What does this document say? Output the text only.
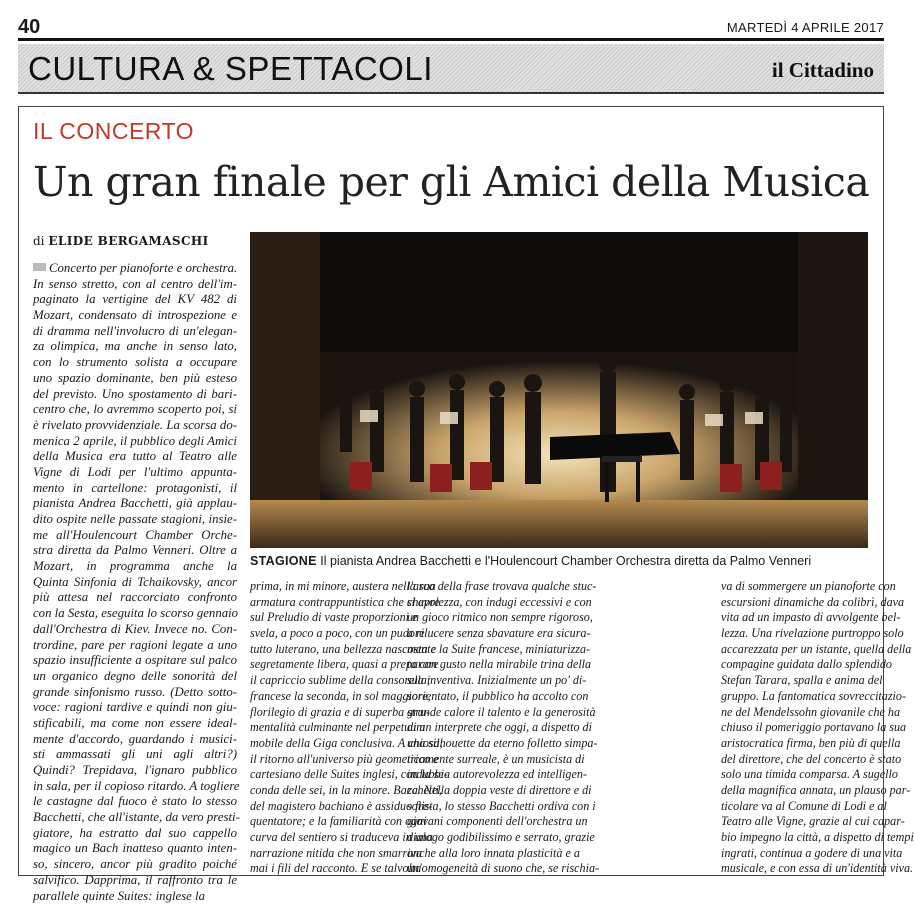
40	MARTEDÌ 4 APRILE 2017
CULTURA & SPETTACOLI	il Cittadino
IL CONCERTO
Un gran finale per gli Amici della Musica
di ELIDE BERGAMASCHI
STAGIONE Il pianista Andrea Bacchetti e l'Houlencourt Chamber Orchestra diretta da Palmo Venneri
Concerto per pianoforte e orchestra.
In senso stretto, con al centro dell'im-
paginato la vertigine del KV 482 di
Mozart, condensato di introspezione e
di dramma nell'involucro di un'elegan-
za olimpica, ma anche in senso lato,
con lo strumento solista a occupare
uno spazio dominante, ben più esteso
del previsto. Uno spostamento di bari-
centro che, lo avremmo scoperto poi, si
è rivelato provvidenziale. La scorsa do-
menica 2 aprile, il pubblico degli Amici
della Musica era tutto al Teatro alle
Vigne di Lodi per l'ultimo appunta-
mento in cartellone: protagonisti, il
pianista Andrea Bacchetti, già applau-
dito ospite nelle passate stagioni, insie-
me all'Houlencourt Chamber Orche-
stra diretta da Palmo Venneri. Oltre a
Mozart, in programma anche la
Quinta Sinfonia di Tchaikovsky, ancor
più attesa nel raccorciato confronto
con la Sesta, eseguita lo scorso gennaio
dall'Orchestra di Kiev. Invece no. Con-
trordine, pare per ragioni legate a uno
spazio insufficiente a ospitare sul palco
un organico degno delle sonorità del
grande sinfonismo russo. (Detto sotto-
voce: ragioni tardive e quindi non giu-
stificabili, ma come non essere ideal-
mente d'accordo, guardando i musici-
sti ammassati gli uni agli altri?)
Quindi? Trepidava, l'ignaro pubblico
in sala, per il copioso ritardo. A togliere
le castagne dal fuoco è stato lo stesso
Bacchetti, che all'istante, da vero presti-
giatore, ha estratto dal suo cappello
magico un Bach inatteso quanto inten-
so, sincero, ancor più gradito poiché
salvifico. Dapprima, il raffronto tra le
parallele quinte Suites: inglese la
prima, in mi minore, austera nella sua
armatura contrappuntistica che si apre
sul Preludio di vaste proporzioni e
svela, a poco a poco, con un pudore
tutto luterano, una bellezza nascosta e
segretamente libera, quasi a preparare
il capriccio sublime della consorella;
francese la seconda, in sol maggiore,
florilegio di grazia e di superba stru-
mentalità culminante nel perpetuum
mobile della Giga conclusiva. A chiosa,
il ritorno all'universo più geometrico e
cartesiano delle Suites inglesi, con la se-
conda delle sei, in la minore. Bacchetti,
del magistero bachiano è assiduo fre-
quentatore; e la familiarità con ogni
curva del sentiero si traduceva in una
narrazione nitida che non smarriva
mai i fili del racconto. E se talvolta
l'arco della frase trovava qualche stuc-
chevolezza, con indugi eccessivi e con
un gioco ritmico non sempre rigoroso,
a rilucere senza sbavature era sicura-
mente la Suite francese, miniaturizza-
ta con gusto nella mirabile trina della
sua inventiva. Inizialmente un po' di-
sorientato, il pubblico ha accolto con
grande calore il talento e la generosità
di un interprete che oggi, a dispetto di
una silhouette da eterno folletto simpa-
ticamente surreale, è un musicista di
indubbia autorevolezza ed intelligen-
za. Nella doppia veste di direttore e di
solista, lo stesso Bacchetti ordiva con i
giovani componenti dell'orchestra un
dialogo godibilissimo e serrato, grazie
anche alla loro innata plasticità e a
un'omogeneità di suono che, se rischia-
va di sommergere un pianoforte con
escursioni dinamiche da colibrì, dava
vita ad un impasto di avvolgente bel-
lezza. Una rivelazione purtroppo solo
accarezzata per un istante, quella della
compagine guidata dallo splendido
Stefan Tarara, spalla e anima del
gruppo. La fantomatica sovreccitazio-
ne del Mendelssohn giovanile che ha
chiuso il pomeriggio portavano la sua
aristocratica firma, ben più di quella
del direttore, che del concerto è stato
solo una timida comparsa. A sugello
della magnifica annata, un plauso par-
ticolare va al Comune di Lodi e al
Teatro alle Vigne, grazie al cui capar-
bio impegno la città, a dispetto di tempi
ingrati, continua a godere di una vita
musicale, e con essa di un'identità viva.
